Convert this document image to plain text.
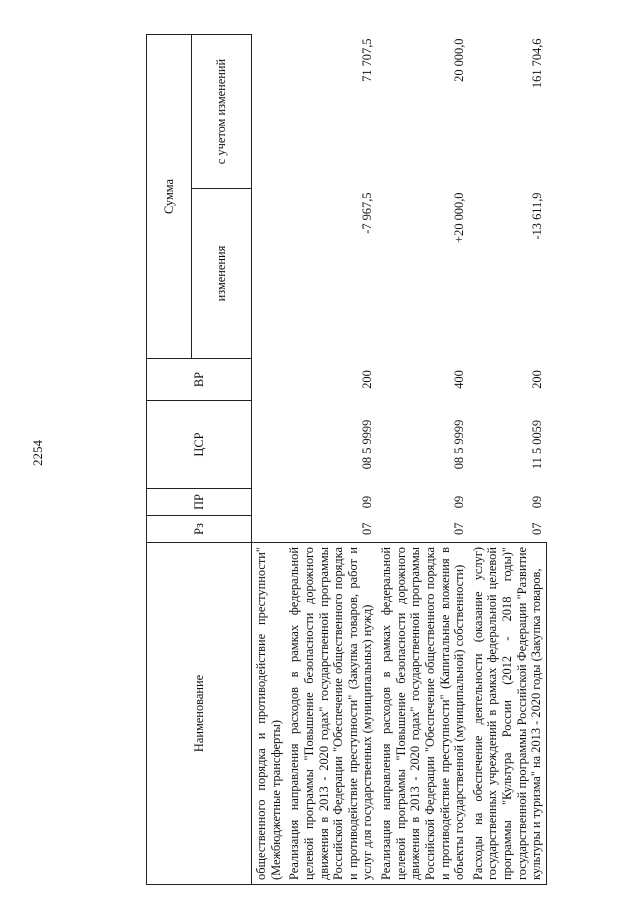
2254
Наименование	Рз	ПР	ЦСР	ВР	Сумма	
					изменения	с учетом изменений
общественного порядка и противодействие преступности" (Межбюджетные трансферты)						
Реализация направления расходов в рамках федеральной целевой программы "Повышение безопасности дорожного движения в 2013 - 2020 годах" государственной программы Российской Федерации "Обеспечение общественного порядка и противодействие преступности" (Закупка товаров, работ и услуг для государственных (муниципальных) нужд)	07	09	08 5 9999	200	-7 967,5	71 707,5
Реализация направления расходов в рамках федеральной целевой программы "Повышение безопасности дорожного движения в 2013 - 2020 годах" государственной программы Российской Федерации "Обеспечение общественного порядка и противодействие преступности" (Капитальные вложения в объекты государственной (муниципальной) собственности)	07	09	08 5 9999	400	+20 000,0	20 000,0
Расходы на обеспечение деятельности (оказание услуг) государственных учреждений в рамках федеральной целевой программы "Культура России (2012 - 2018 годы)" государственной программы Российской Федерации "Развитие культуры и туризма" на 2013 - 2020 годы (Закупка товаров,	07	09	11 5 0059	200	-13 611,9	161 704,6
